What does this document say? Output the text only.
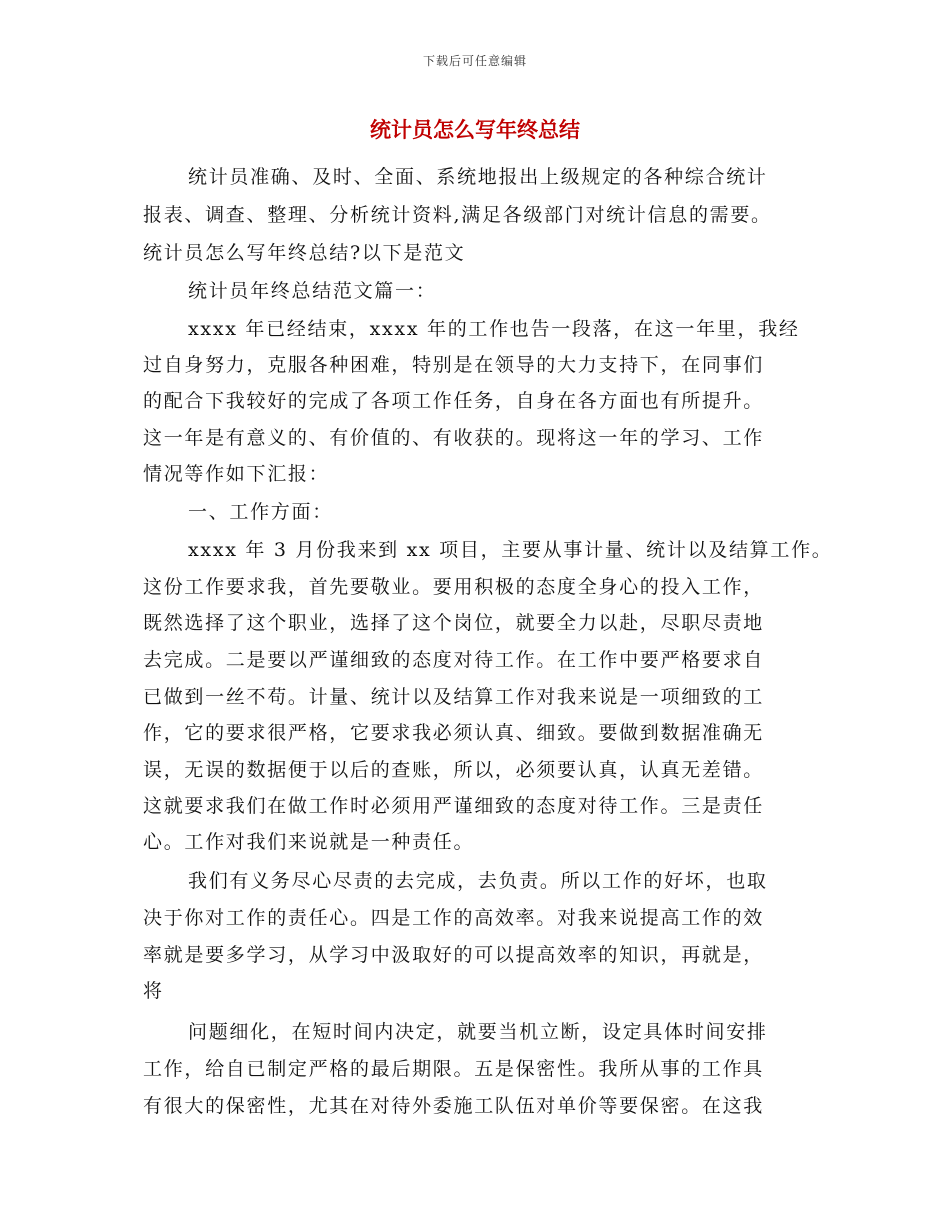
下载后可任意编辑
统计员怎么写年终总结
统计员准确、及时、全面、系统地报出上级规定的各种综合统计
报表、调查、整理、分析统计资料,满足各级部门对统计信息的需要。
统计员怎么写年终总结?以下是范文
统计员年终总结范文篇一：
xxxx 年已经结束，xxxx 年的工作也告一段落，在这一年里，我经
过自身努力，克服各种困难，特别是在领导的大力支持下，在同事们
的配合下我较好的完成了各项工作任务，自身在各方面也有所提升。
这一年是有意义的、有价值的、有收获的。现将这一年的学习、工作
情况等作如下汇报：
一、工作方面：
xxxx 年 3 月份我来到 xx 项目，主要从事计量、统计以及结算工作。
这份工作要求我，首先要敬业。要用积极的态度全身心的投入工作，
既然选择了这个职业，选择了这个岗位，就要全力以赴，尽职尽责地
去完成。二是要以严谨细致的态度对待工作。在工作中要严格要求自
已做到一丝不苟。计量、统计以及结算工作对我来说是一项细致的工
作，它的要求很严格，它要求我必须认真、细致。要做到数据准确无
误，无误的数据便于以后的查账，所以，必须要认真，认真无差错。
这就要求我们在做工作时必须用严谨细致的态度对待工作。三是责任
心。工作对我们来说就是一种责任。
我们有义务尽心尽责的去完成，去负责。所以工作的好坏，也取
决于你对工作的责任心。四是工作的高效率。对我来说提高工作的效
率就是要多学习，从学习中汲取好的可以提高效率的知识，再就是，
将
问题细化，在短时间内决定，就要当机立断，设定具体时间安排
工作，给自已制定严格的最后期限。五是保密性。我所从事的工作具
有很大的保密性，尤其在对待外委施工队伍对单价等要保密。在这我
